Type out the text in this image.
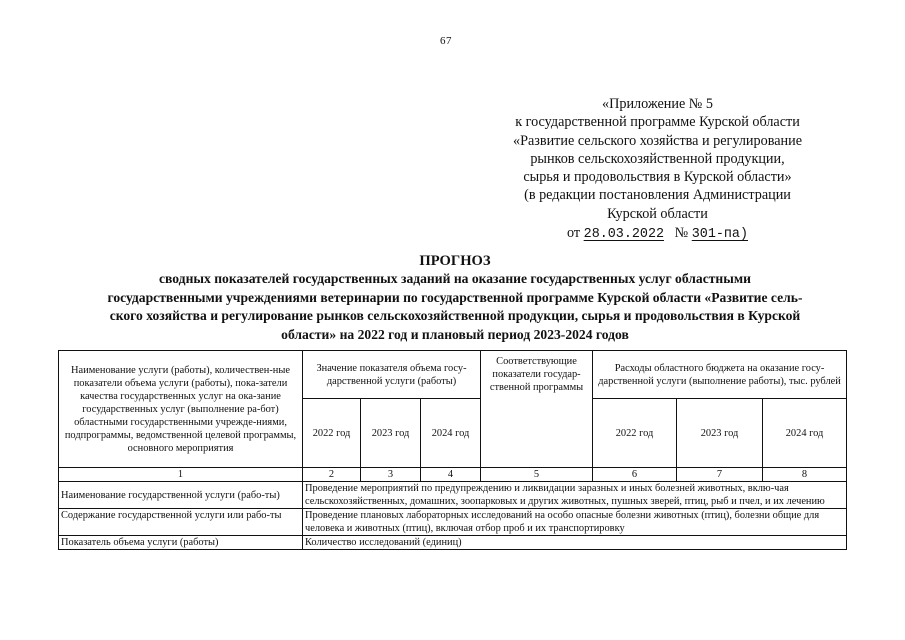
67
«Приложение № 5
к государственной программе Курской области
«Развитие сельского хозяйства и регулирование
рынков сельскохозяйственной продукции,
сырья и продовольствия в Курской области»
(в редакции постановления Администрации
Курской области
от 28.03.2022 № 301-па)
ПРОГНОЗ
сводных показателей государственных заданий на оказание государственных услуг областными
государственными учреждениями ветеринарии по государственной программе Курской области «Развитие сель-
ского хозяйства и регулирование рынков сельскохозяйственной продукции, сырья и продовольствия в Курской
области» на 2022 год и плановый период 2023-2024 годов
Наименование услуги (работы), количествен-ные показатели объема услуги (работы), пока-затели качества государственных услуг на ока-зание государственных услуг (выполнение ра-бот) областными государственными учрежде-ниями, подпрограммы, ведомственной целевой программы, основного мероприятия	Значение показателя объема госу-дарственной услуги (работы)			Соответствующие показатели государ-ственной программы	Расходы областного бюджета на оказание госу-дарственной услуги (выполнение работы), тыс. рублей		
	2022 год	2023 год	2024 год		2022 год	2023 год	2024 год
1	2	3	4	5	6	7	8
Наименование государственной услуги (рабо-ты)	Проведение мероприятий по предупреждению и ликвидации заразных и иных болезней животных, вклю-чая сельскохозяйственных, домашних, зоопарковых и других животных, пушных зверей, птиц, рыб и пчел, и их лечению						
Содержание государственной услуги или рабо-ты	Проведение плановых лабораторных исследований на особо опасные болезни животных (птиц), болезни общие для человека и животных (птиц), включая отбор проб и их транспортировку						
Показатель объема услуги (работы)	Количество исследований (единиц)						
